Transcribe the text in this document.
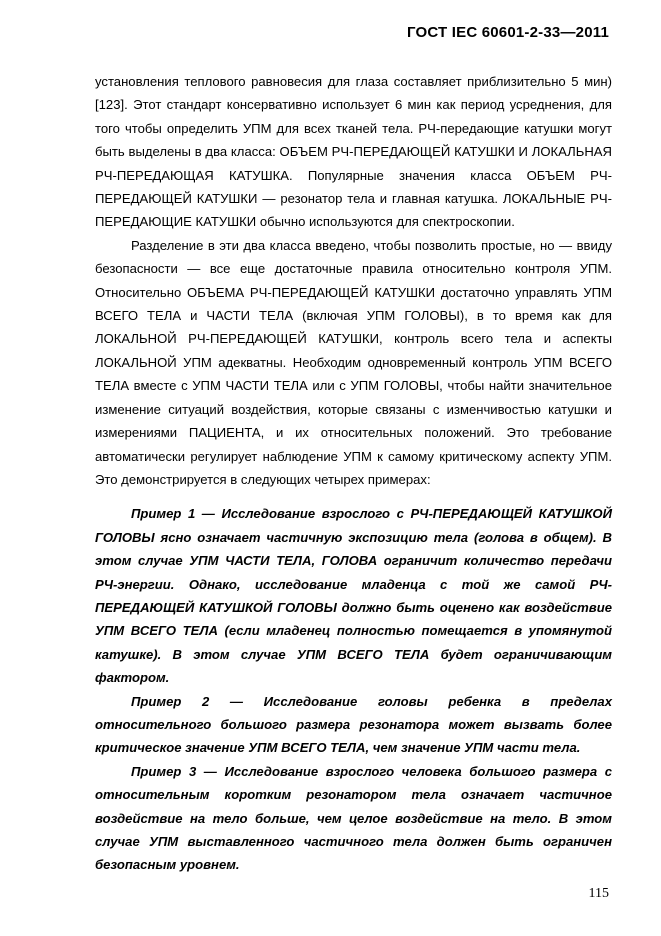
ГОСТ IEC 60601-2-33—2011

установления теплового равновесия для глаза составляет приблизительно 5 мин) [123]. Этот стандарт консервативно использует 6 мин как период усреднения, для того чтобы определить УПМ для всех тканей тела. РЧ-передающие катушки могут быть выделены в два класса: ОБЪЕМ РЧ-ПЕРЕДАЮЩЕЙ КАТУШКИ И ЛОКАЛЬНАЯ РЧ-ПЕРЕДАЮЩАЯ КАТУШКА. Популярные значения класса ОБЪЕМ РЧ-ПЕРЕДАЮЩЕЙ КАТУШКИ — резонатор тела и главная катушка. ЛОКАЛЬНЫЕ РЧ-ПЕРЕДАЮЩИЕ КАТУШКИ обычно используются для спектроскопии.

Разделение в эти два класса введено, чтобы позволить простые, но — ввиду безопасности — все еще достаточные правила относительно контроля УПМ. Относительно ОБЪЕМА РЧ-ПЕРЕДАЮЩЕЙ КАТУШКИ достаточно управлять УПМ ВСЕГО ТЕЛА и ЧАСТИ ТЕЛА (включая УПМ ГОЛОВЫ), в то время как для ЛОКАЛЬНОЙ РЧ-ПЕРЕДАЮЩЕЙ КАТУШКИ, контроль всего тела и аспекты ЛОКАЛЬНОЙ УПМ адекватны. Необходим одновременный контроль УПМ ВСЕГО ТЕЛА вместе с УПМ ЧАСТИ ТЕЛА или с УПМ ГОЛОВЫ, чтобы найти значительное изменение ситуаций воздействия, которые связаны с изменчивостью катушки и измерениями ПАЦИЕНТА, и их относительных положений. Это требование автоматически регулирует наблюдение УПМ к самому критическому аспекту УПМ. Это демонстрируется в следующих четырех примерах:

Пример 1 — Исследование взрослого с РЧ-ПЕРЕДАЮЩЕЙ КАТУШКОЙ ГОЛОВЫ ясно означает частичную экспозицию тела (голова в общем). В этом случае УПМ ЧАСТИ ТЕЛА, ГОЛОВА ограничит количество передачи РЧ-энергии. Однако, исследование младенца с той же самой РЧ-ПЕРЕДАЮЩЕЙ КАТУШКОЙ ГОЛОВЫ должно быть оценено как воздействие УПМ ВСЕГО ТЕЛА (если младенец полностью помещается в упомянутой катушке). В этом случае УПМ ВСЕГО ТЕЛА будет ограничивающим фактором.

Пример 2 — Исследование головы ребенка в пределах относительного большого размера резонатора может вызвать более критическое значение УПМ ВСЕГО ТЕЛА, чем значение УПМ части тела.

Пример 3 — Исследование взрослого человека большого размера с относительным коротким резонатором тела означает частичное воздействие на тело больше, чем целое воздействие на тело. В этом случае УПМ выставленного частичного тела должен быть ограничен безопасным уровнем.

115
